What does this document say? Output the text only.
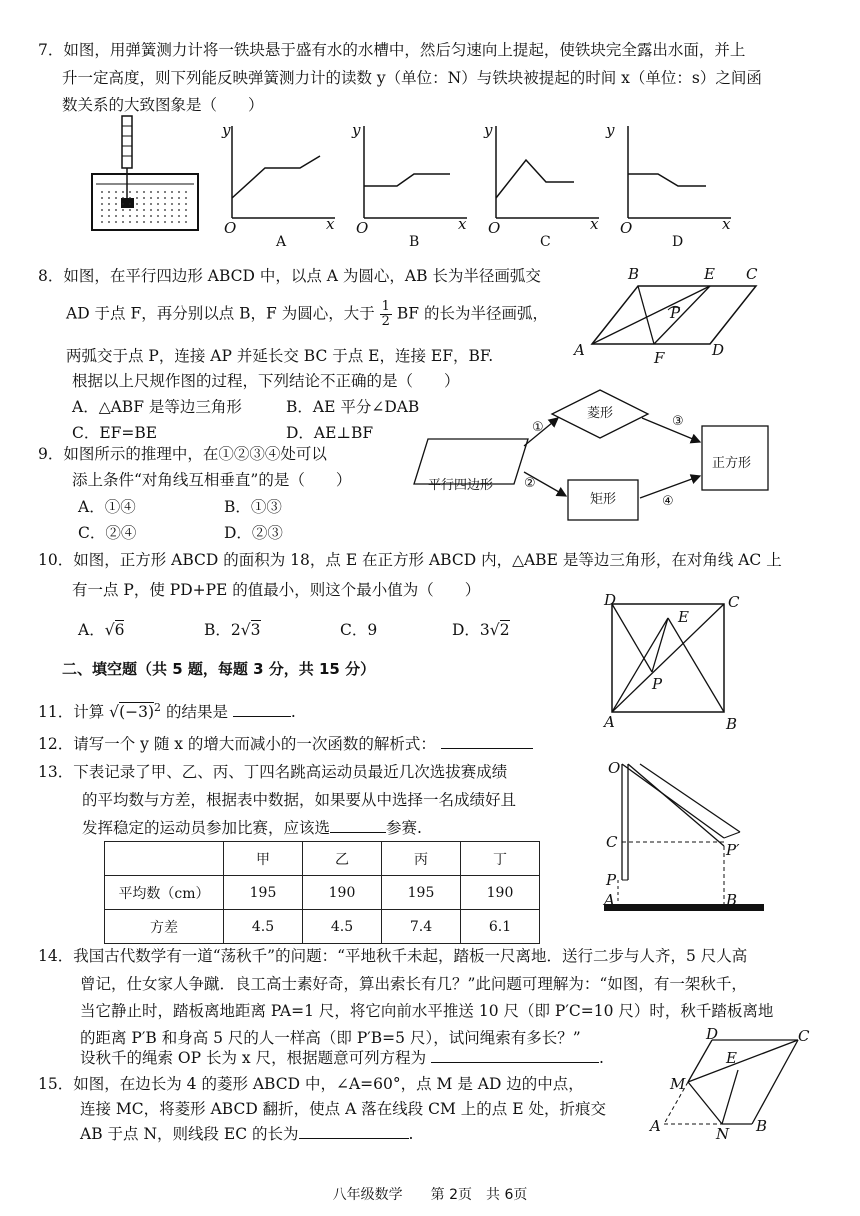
7．如图，用弹簧测力计将一铁块悬于盛有水的水槽中，然后匀速向上提起，使铁块完全露出水面，并上
升一定高度，则下列能反映弹簧测力计的读数 y（单位：N）与铁块被提起的时间 x（单位：s）之间函
数关系的大致图象是（　　）
y
O	x
y
O	x
y
O	x
y
O	x
A	B	C	D
8．如图，在平行四边形 ABCD 中，以点 A 为圆心，AB 长为半径画弧交
AD 于点 F，再分别以点 B，F 为圆心，大于 $\frac{1}{2}$ BF 的长为半径画弧，
两弧交于点 P，连接 AP 并延长交 BC 于点 E，连接 EF，BF.
根据以上尺规作图的过程，下列结论不正确的是（　　）
A．△ABF 是等边三角形	B．AE 平分∠DAB
C．EF=BE	D．AE⊥BF
B	E C
P
A	F	D
9．如图所示的推理中，在①②③④处可以
添上条件“对角线互相垂直”的是（　　）
A．①④	B．①③
C．②④	D．②③
平行四边形
菱形
矩形
正方形
①
②
③
④
10．如图，正方形 ABCD 的面积为 18，点 E 在正方形 ABCD 内，△ABE 是等边三角形，在对角线 AC 上
有一点 P，使 PD+PE 的值最小，则这个最小值为（　　）
A．√6	B．2√3	C．9	D．3√2
D	C
E
P
A	B
二、填空题（共 5 题，每题 3 分，共 15 分）
11．计算 $√(-3)^2$ 的结果是	.
12．请写一个 y 随 x 的增大而减小的一次函数的解析式：
13．下表记录了甲、乙、丙、丁四名跳高运动员最近几次选拔赛成绩
的平均数与方差，根据表中数据，如果要从中选择一名成绩好且
发挥稳定的运动员参加比赛，应该选	参赛.
	甲	乙	丙	丁
平均数（cm）	195	190	195	190
方差	4.5	4.5	7.4	6.1
O
C	P′
P
A	B
14．我国古代数学有一道“荡秋千”的问题：“平地秋千未起，踏板一尺离地．送行二步与人齐，5 尺人高
曾记，仕女家人争蹴．良工高士素好奇，算出索长有几？”此问题可理解为：“如图，有一架秋千，
当它静止时，踏板离地距离 PA=1 尺，将它向前水平推送 10 尺（即 P′C=10 尺）时，秋千踏板离地
的距离 P′B 和身高 5 尺的人一样高（即 P′B=5 尺），试问绳索有多长？”
设秋千的绳索 OP 长为 x 尺，根据题意可列方程为	.
15．如图，在边长为 4 的菱形 ABCD 中，∠A=60°，点 M 是 AD 边的中点，
连接 MC，将菱形 ABCD 翻折，使点 A 落在线段 CM 上的点 E 处，折痕交
AB 于点 N，则线段 EC 的长为	.
D	C
E
M
A	N B
八年级数学　　第 2页　共 6页
